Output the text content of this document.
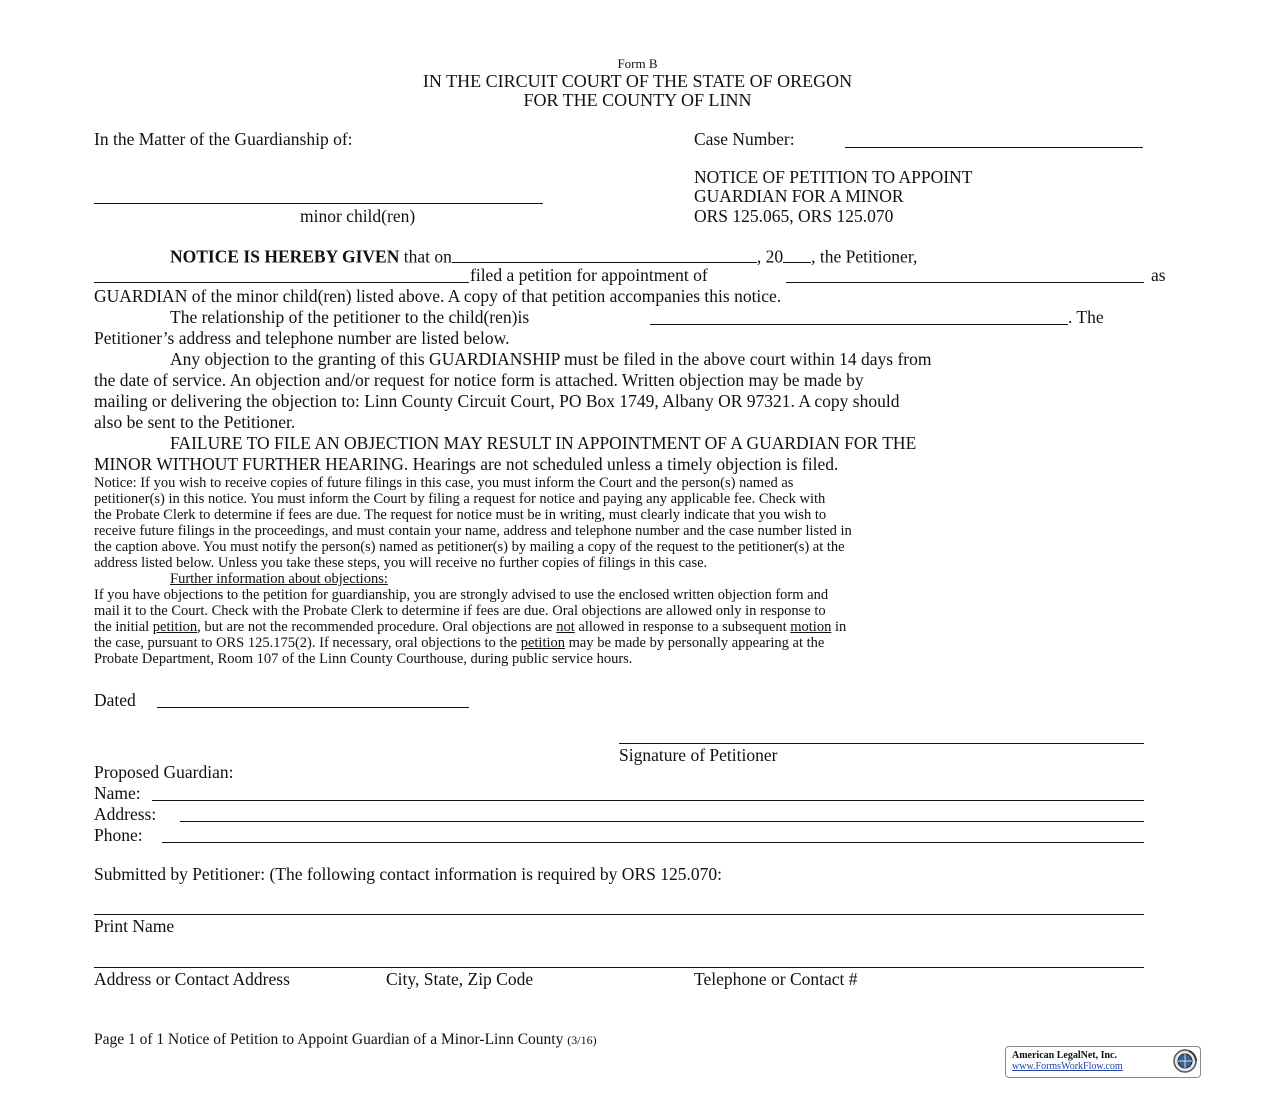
Form B
IN THE CIRCUIT COURT OF THE STATE OF OREGON
FOR THE COUNTY OF LINN
In the Matter of the Guardianship of:	Case Number:
minor child(ren)
NOTICE OF PETITION TO APPOINT
GUARDIAN FOR A MINOR
ORS 125.065, ORS 125.070
NOTICE IS HEREBY GIVEN that on	, 20 , the Petitioner,
filed a petition for appointment of	as
GUARDIAN of the minor child(ren) listed above. A copy of that petition accompanies this notice.
The relationship of the petitioner to the child(ren)is	. The
Petitioner’s address and telephone number are listed below.
Any objection to the granting of this GUARDIANSHIP must be filed in the above court within 14 days from
the date of service. An objection and/or request for notice form is attached. Written objection may be made by
mailing or delivering the objection to: Linn County Circuit Court, PO Box 1749, Albany OR 97321. A copy should
also be sent to the Petitioner.
FAILURE TO FILE AN OBJECTION MAY RESULT IN APPOINTMENT OF A GUARDIAN FOR THE
MINOR WITHOUT FURTHER HEARING. Hearings are not scheduled unless a timely objection is filed.
Notice: If you wish to receive copies of future filings in this case, you must inform the Court and the person(s) named as
petitioner(s) in this notice. You must inform the Court by filing a request for notice and paying any applicable fee. Check with
the Probate Clerk to determine if fees are due. The request for notice must be in writing, must clearly indicate that you wish to
receive future filings in the proceedings, and must contain your name, address and telephone number and the case number listed in
the caption above. You must notify the person(s) named as petitioner(s) by mailing a copy of the request to the petitioner(s) at the
address listed below. Unless you take these steps, you will receive no further copies of filings in this case.
Further information about objections:
If you have objections to the petition for guardianship, you are strongly advised to use the enclosed written objection form and
mail it to the Court. Check with the Probate Clerk to determine if fees are due. Oral objections are allowed only in response to
the initial petition, but are not the recommended procedure. Oral objections are not allowed in response to a subsequent motion in
the case, pursuant to ORS 125.175(2). If necessary, oral objections to the petition may be made by personally appearing at the
Probate Department, Room 107 of the Linn County Courthouse, during public service hours.
Dated
Signature of Petitioner
Proposed Guardian:
Name:
Address:
Phone:
Submitted by Petitioner: (The following contact information is required by ORS 125.070:
Print Name
Address or Contact Address	City, State, Zip Code	Telephone or Contact #
Page 1 of 1 Notice of Petition to Appoint Guardian of a Minor-Linn County (3/16)
American LegalNet, Inc.
www.FormsWorkFlow.com
